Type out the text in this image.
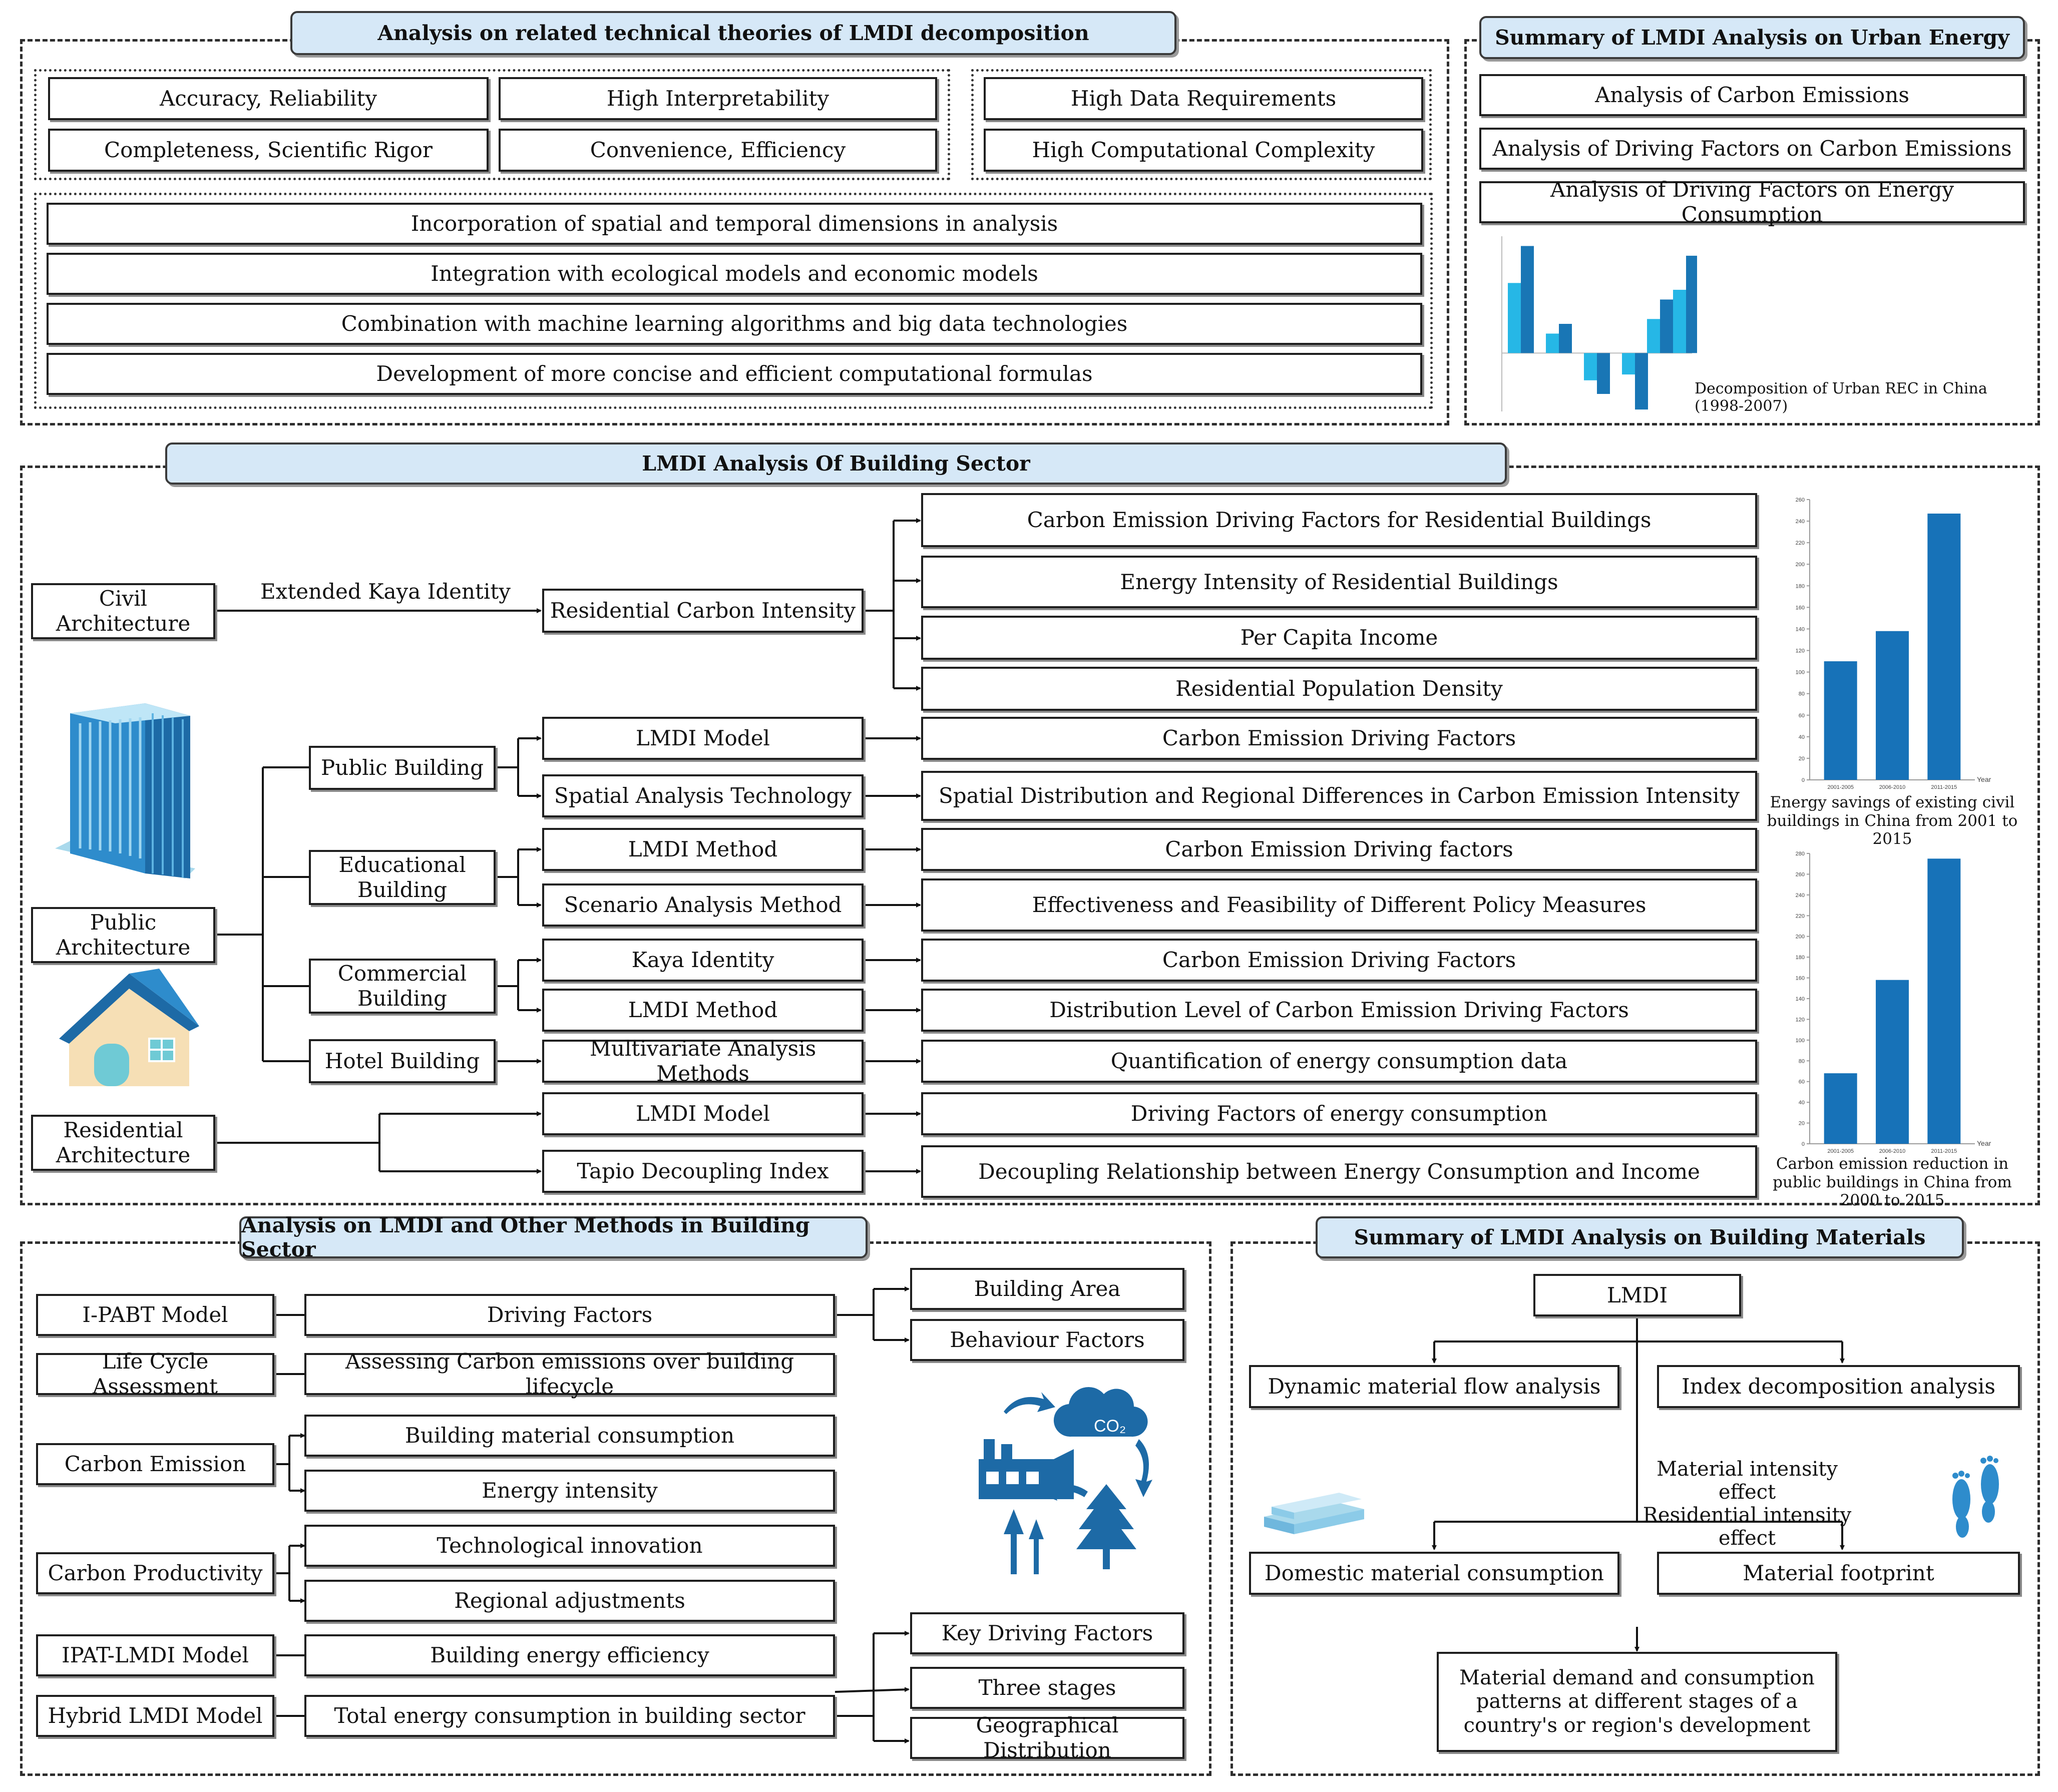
Analysis on related technical theories of LMDI decomposition
Accuracy, Reliability	High Interpretability
Completeness, Scientific Rigor	Convenience, Efficiency
High Data Requirements
High Computational Complexity
Incorporation of spatial and temporal dimensions in analysis
Integration with ecological models and economic models
Combination with machine learning algorithms and big data technologies
Development of more concise and efficient computational formulas
Summary of LMDI Analysis on Urban Energy
Analysis of Carbon Emissions
Analysis of Driving Factors on Carbon Emissions
Analysis of Driving Factors on Energy Consumption
Decomposition of Urban REC in China (1998-2007)
LMDI Analysis Of Building Sector
Civil Architecture
Extended Kaya Identity
Residential Carbon Intensity
Carbon Emission Driving Factors for Residential Buildings
Energy Intensity of Residential Buildings
Per Capita Income
Residential Population Density
Public Architecture
Residential Architecture
Public Building
Educational Building
Commercial Building
Hotel Building
LMDI Model
Spatial Analysis Technology
LMDI Method
Scenario Analysis Method
Kaya Identity
LMDI Method
Multivariate Analysis Methods
LMDI Model
Tapio Decoupling Index
Carbon Emission Driving Factors
Spatial Distribution and Regional Differences in Carbon Emission Intensity
Carbon Emission Driving factors
Effectiveness and Feasibility of Different Policy Measures
Carbon Emission Driving Factors
Distribution Level of Carbon Emission Driving Factors
Quantification of energy consumption data
Driving Factors of energy consumption
Decoupling Relationship between Energy Consumption and Income
0
20
40
60
80
100
120
140
160
180
200
220
240
260
2001-2005	2006-2010	2011-2015
Year
Energy savings of existing civil buildings in China from 2001 to 2015
0
20
40
60
80
100
120
140
160
180
200
220
240
260
280
2001-2005	2006-2010	2011-2015
Year
Carbon emission reduction in public buildings in China from 2000 to 2015
Analysis on LMDI and Other Methods in Building Sector
I-PABT Model
Life Cycle Assessment
Carbon Emission
Carbon Productivity
IPAT-LMDI Model
Hybrid LMDI Model
Driving Factors
Assessing Carbon emissions over building lifecycle
Building material consumption
Energy intensity
Technological innovation
Regional adjustments
Building energy efficiency
Total energy consumption in building sector
Building Area
Behaviour Factors
Key Driving Factors
Three stages
Geographical Distribution
CO₂
Summary of LMDI Analysis on Building Materials
LMDI
Dynamic material flow analysis	Index decomposition analysis
Material intensity effect
Residential intensity effect
Domestic material consumption	Material footprint
Material demand and consumption patterns at different stages of a country's or region's development
